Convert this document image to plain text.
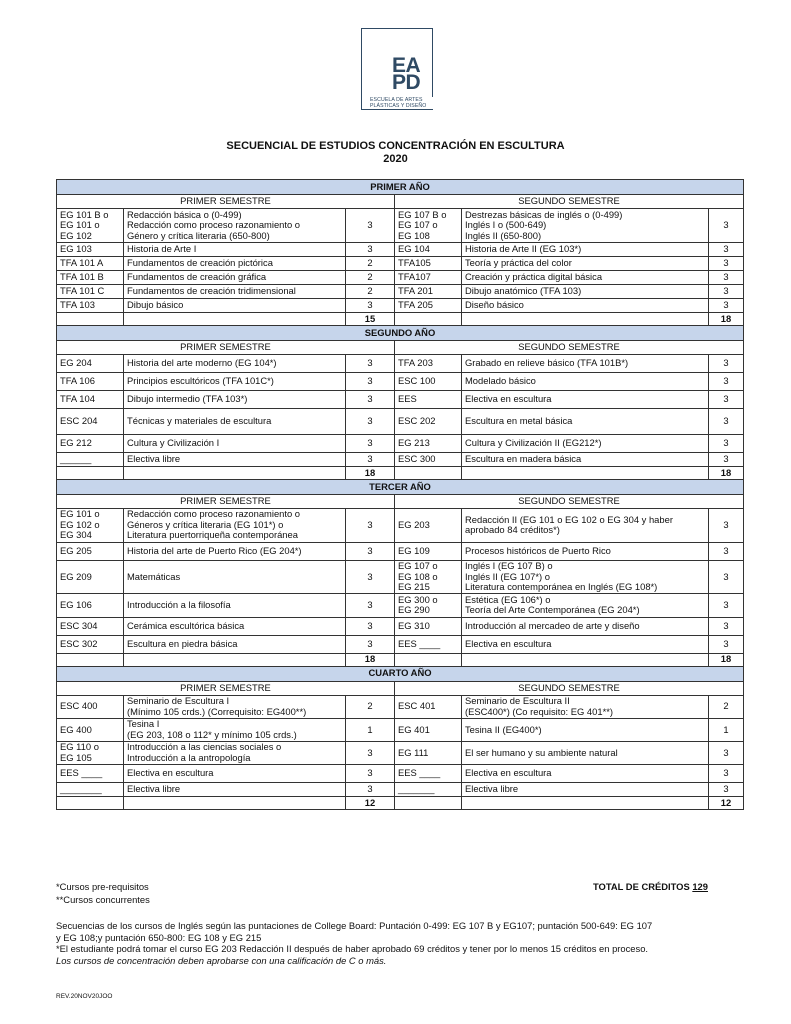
EA
PD
ESCUELA DE ARTES
PLÁSTICAS Y DISEÑO
SECUENCIAL DE ESTUDIOS CONCENTRACIÓN EN ESCULTURA
2020
PRIMER AÑO					
PRIMER SEMESTRE			SEGUNDO SEMESTRE		

EG 101 B o
EG 101 o
EG 102	Redacción básica o (0-499)
Redacción como proceso razonamiento o
Género y crítica literaria (650-800)	3	EG 107 B o
EG 107 o
EG 108	Destrezas básicas de inglés o (0-499)
Inglés I o (500-649)
Inglés II (650-800)	3

EG 103	Historia de Arte I	3	EG 104	Historia de Arte II (EG 103*)	3

TFA 101 A	Fundamentos de creación pictórica	2	TFA105	Teoría y práctica del color	3

TFA 101 B	Fundamentos de creación gráfica	2	TFA107	Creación y práctica digital básica	3

TFA 101 C	Fundamentos de creación tridimensional	2	TFA 201	Dibujo anatómico (TFA 103)	3

TFA 103	Dibujo básico	3	TFA 205	Diseño básico	3
		15			18
SEGUNDO AÑO					
PRIMER SEMESTRE			SEGUNDO SEMESTRE		

EG 204	Historia del arte moderno (EG 104*)	3	TFA 203	Grabado en relieve básico (TFA 101B*)	3

TFA 106	Principios escultóricos (TFA 101C*)	3	ESC 100	Modelado básico	3

TFA 104	Dibujo intermedio (TFA 103*)	3	EES	Electiva en escultura	3

ESC 204	Técnicas y materiales de escultura	3	ESC 202	Escultura en metal básica	3

EG 212	Cultura y Civilización I	3	EG 213	Cultura y Civilización II (EG212*)	3

______	Electiva libre	3	ESC 300	Escultura en madera básica	3
		18			18
TERCER AÑO					
PRIMER SEMESTRE			SEGUNDO SEMESTRE		

EG 101 o
EG 102 o
EG 304	Redacción como proceso razonamiento o
Géneros y crítica literaria (EG 101*) o
Literatura puertorriqueña contemporánea	3	EG 203	Redacción II (EG 101 o EG 102 o EG 304 y haber
aprobado 84 créditos*)	3

EG 205	Historia del arte de Puerto Rico (EG 204*)	3	EG 109	Procesos históricos de Puerto Rico	3

EG 209	Matemáticas	3	EG 107 o
EG 108 o
EG 215	Inglés I (EG 107 B) o
Inglés II (EG 107*) o
Literatura contemporánea en Inglés (EG 108*)	3

EG 106	Introducción a la filosofía	3	EG 300 o
EG 290	Estética (EG 106*) o
Teoría del Arte Contemporánea (EG 204*)	3

ESC 304	Cerámica escultórica básica	3	EG 310	Introducción al mercadeo de arte y diseño	3

ESC 302	Escultura en piedra básica	3	EES ____	Electiva en escultura	3
		18			18
CUARTO AÑO					
PRIMER SEMESTRE			SEGUNDO SEMESTRE		

ESC 400	Seminario de Escultura I
(Mínimo 105 crds.) (Correquisito: EG400**)	2	ESC 401	Seminario de Escultura II
(ESC400*) (Co requisito: EG 401**)	2

EG 400	Tesina I
(EG 203, 108 o 112* y mínimo 105 crds.)	1	EG 401	Tesina II (EG400*)	1

EG 110 o
EG 105	Introducción a las ciencias sociales o
Introducción a la antropología	3	EG 111	El ser humano y su ambiente natural	3

EES ____	Electiva en escultura	3	EES ____	Electiva en escultura	3

________	Electiva libre	3	_______	Electiva libre	3
		12			12
*Cursos pre-requisitos
**Cursos concurrentes
TOTAL DE CRÉDITOS 129
Secuencias de los cursos de Inglés según las puntaciones de College Board: Puntación 0-499: EG 107 B y EG107; puntación 500-649: EG 107
y EG 108;y puntación 650-800: EG 108 y EG 215
*El estudiante podrá tomar el curso EG 203 Redacción II después de haber aprobado 69 créditos y tener por lo menos 15 créditos en proceso.
Los cursos de concentración deben aprobarse con una calificación de C o más.
REV.20NOV20JOO
